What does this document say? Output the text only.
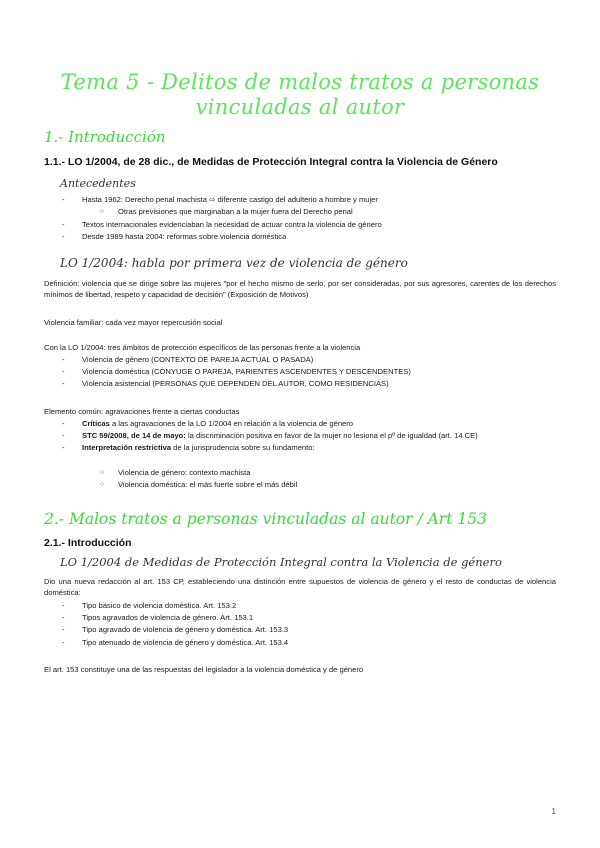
Tema 5 - Delitos de malos tratos a personas vinculadas al autor
1.- Introducción
1.1.- LO 1/2004, de 28 dic., de Medidas de Protección Integral contra la Violencia de Género
Antecedentes
- Hasta 1962: Derecho penal machista ⇨ diferente castigo del adulterio a hombre y mujer
○ Otras previsiones que marginaban a la mujer fuera del Derecho penal
- Textos internacionales evidenciaban la necesidad de actuar contra la violencia de género
- Desde 1989 hasta 2004: reformas sobre violencia doméstica
LO 1/2004: habla por primera vez de violencia de género
Definición: violencia que se dirige sobre las mujeres "por el hecho mismo de serlo, por ser consideradas, por sus agresores, carentes de los derechos mínimos de libertad, respeto y capacidad de decisión" (Exposición de Motivos)
Violencia familiar: cada vez mayor repercusión social
Con la LO 1/2004: tres ámbitos de protección específicos de las personas frente a la violencia
- Violencia de género (CONTEXTO DE PAREJA ACTUAL O PASADA)
- Violencia doméstica (CÓNYUGE O PAREJA, PARIENTES ASCENDENTES Y DESCENDENTES)
- Violencia asistencial (PERSONAS QUE DEPENDEN DEL AUTOR, COMO RESIDENCIAS)
Elemento común: agravaciones frente a ciertas conductas
- Críticas a las agravaciones de la LO 1/2004 en relación a la violencia de género
- STC 59/2008, de 14 de mayo: la discriminación positiva en favor de la mujer no lesiona el pº de igualdad (art. 14 CE)
- Interpretación restrictiva de la jurisprudencia sobre su fundamento:
○ Violencia de género: contexto machista
○ Violencia doméstica: el más fuerte sobre el más débil
2.- Malos tratos a personas vinculadas al autor / Art 153
2.1.- Introducción
LO 1/2004 de Medidas de Protección Integral contra la Violencia de género
Dio una nueva redacción al art. 153 CP, estableciendo una distinción entre supuestos de violencia de género y el resto de conductas de violencia doméstica:
- Tipo básico de violencia doméstica. Art. 153.2
- Tipos agravados de violencia de género. Art. 153.1
- Tipo agravado de violencia de género y doméstica. Art. 153.3
- Tipo atenuado de violencia de género y doméstica. Art. 153.4
El art. 153 constituye una de las respuestas del legislador a la violencia doméstica y de género
1
